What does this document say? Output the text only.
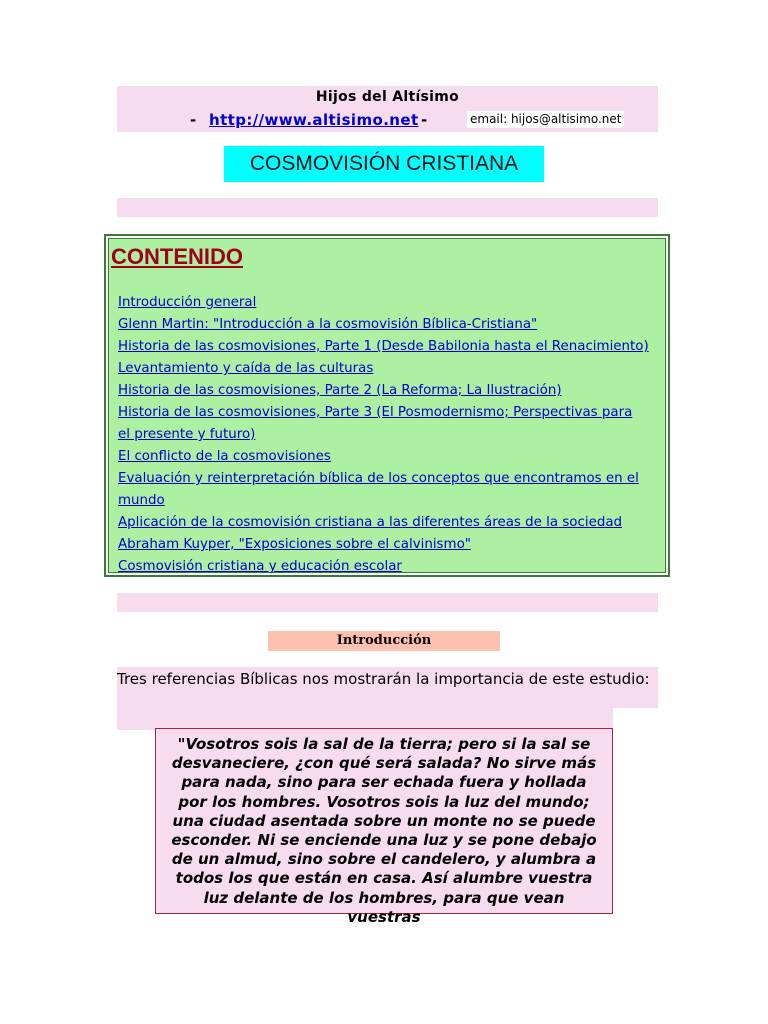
Hijos del Altísimo
- http://www.altisimo.net -	email: hijos@altisimo.net
COSMOVISIÓN CRISTIANA
CONTENIDO
Introducción general
Glenn Martin: "Introducción a la cosmovisión Bíblica-Cristiana"
Historia de las cosmovisiones, Parte 1 (Desde Babilonia hasta el Renacimiento)
Levantamiento y caída de las culturas
Historia de las cosmovisiones, Parte 2 (La Reforma; La Ilustración)
Historia de las cosmovisiones, Parte 3 (El Posmodernismo; Perspectivas para
el presente y futuro)
El conflicto de la cosmovisiones
Evaluación y reinterpretación bíblica de los conceptos que encontramos en el
mundo
Aplicación de la cosmovisión cristiana a las diferentes áreas de la sociedad
Abraham Kuyper, "Exposiciones sobre el calvinismo"
Cosmovisión cristiana y educación escolar
Introducción

Tres referencias Bíblicas nos mostrarán la importancia de este estudio:

"Vosotros sois la sal de la tierra; pero si la sal se desvaneciere, ¿con qué será salada? No sirve más para nada, sino para ser echada fuera y hollada por los hombres. Vosotros sois la luz del mundo; una ciudad asentada sobre un monte no se puede esconder. Ni se enciende una luz y se pone debajo de un almud, sino sobre el candelero, y alumbra a todos los que están en casa. Así alumbre vuestra luz delante de los hombres, para que vean vuestras
